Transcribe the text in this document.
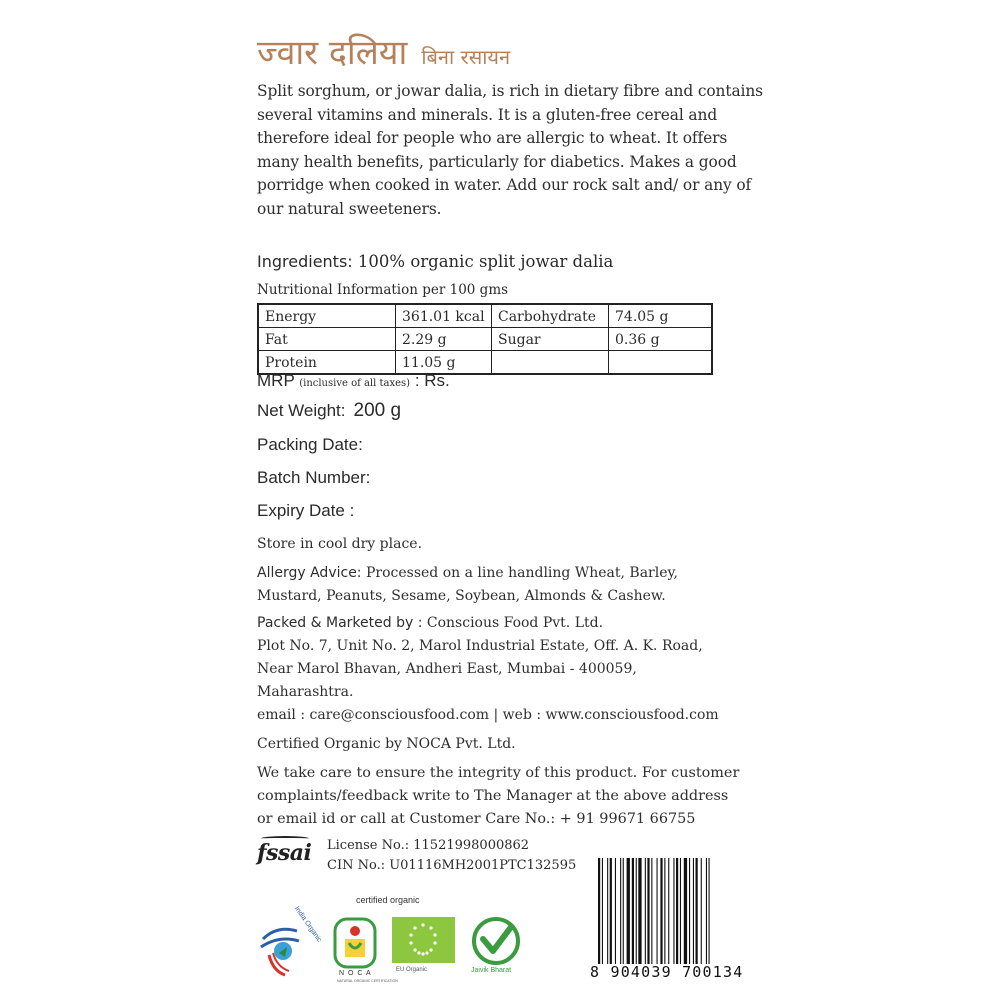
ज्वार दलिया बिना रसायन
Split sorghum, or jowar dalia, is rich in dietary fibre and contains several vitamins and minerals. It is a gluten-free cereal and therefore ideal for people who are allergic to wheat. It offers many health benefits, particularly for diabetics. Makes a good porridge when cooked in water. Add our rock salt and/ or any of our natural sweeteners.
Ingredients: 100% organic split jowar dalia
Nutritional Information per 100 gms
Energy	361.01 kcal	Carbohydrate	74.05 g
Fat	2.29 g	Sugar	0.36 g
Protein	11.05 g		
MRP (inclusive of all taxes) : Rs.
Net Weight: 200 g
Packing Date:
Batch Number:
Expiry Date :
Store in cool dry place.
Allergy Advice: Processed on a line handling Wheat, Barley, Mustard, Peanuts, Sesame, Soybean, Almonds & Cashew.
Packed & Marketed by : Conscious Food Pvt. Ltd.
Plot No. 7, Unit No. 2, Marol Industrial Estate, Off. A. K. Road, Near Marol Bhavan, Andheri East, Mumbai - 400059, Maharashtra.
email : care@consciousfood.com | web : www.consciousfood.com
Certified Organic by NOCA Pvt. Ltd.
We take care to ensure the integrity of this product. For customer complaints/feedback write to The Manager at the above address or email id or call at Customer Care No.: + 91 99671 66755
fssai License No.: 11521998000862
CIN No.: U01116MH2001PTC132595
certified organic
India Organic
N O C A
NATURAL ORGANIC CERTIFICATION
EU Organic	Jaivik Bharat	8 904039 700134
